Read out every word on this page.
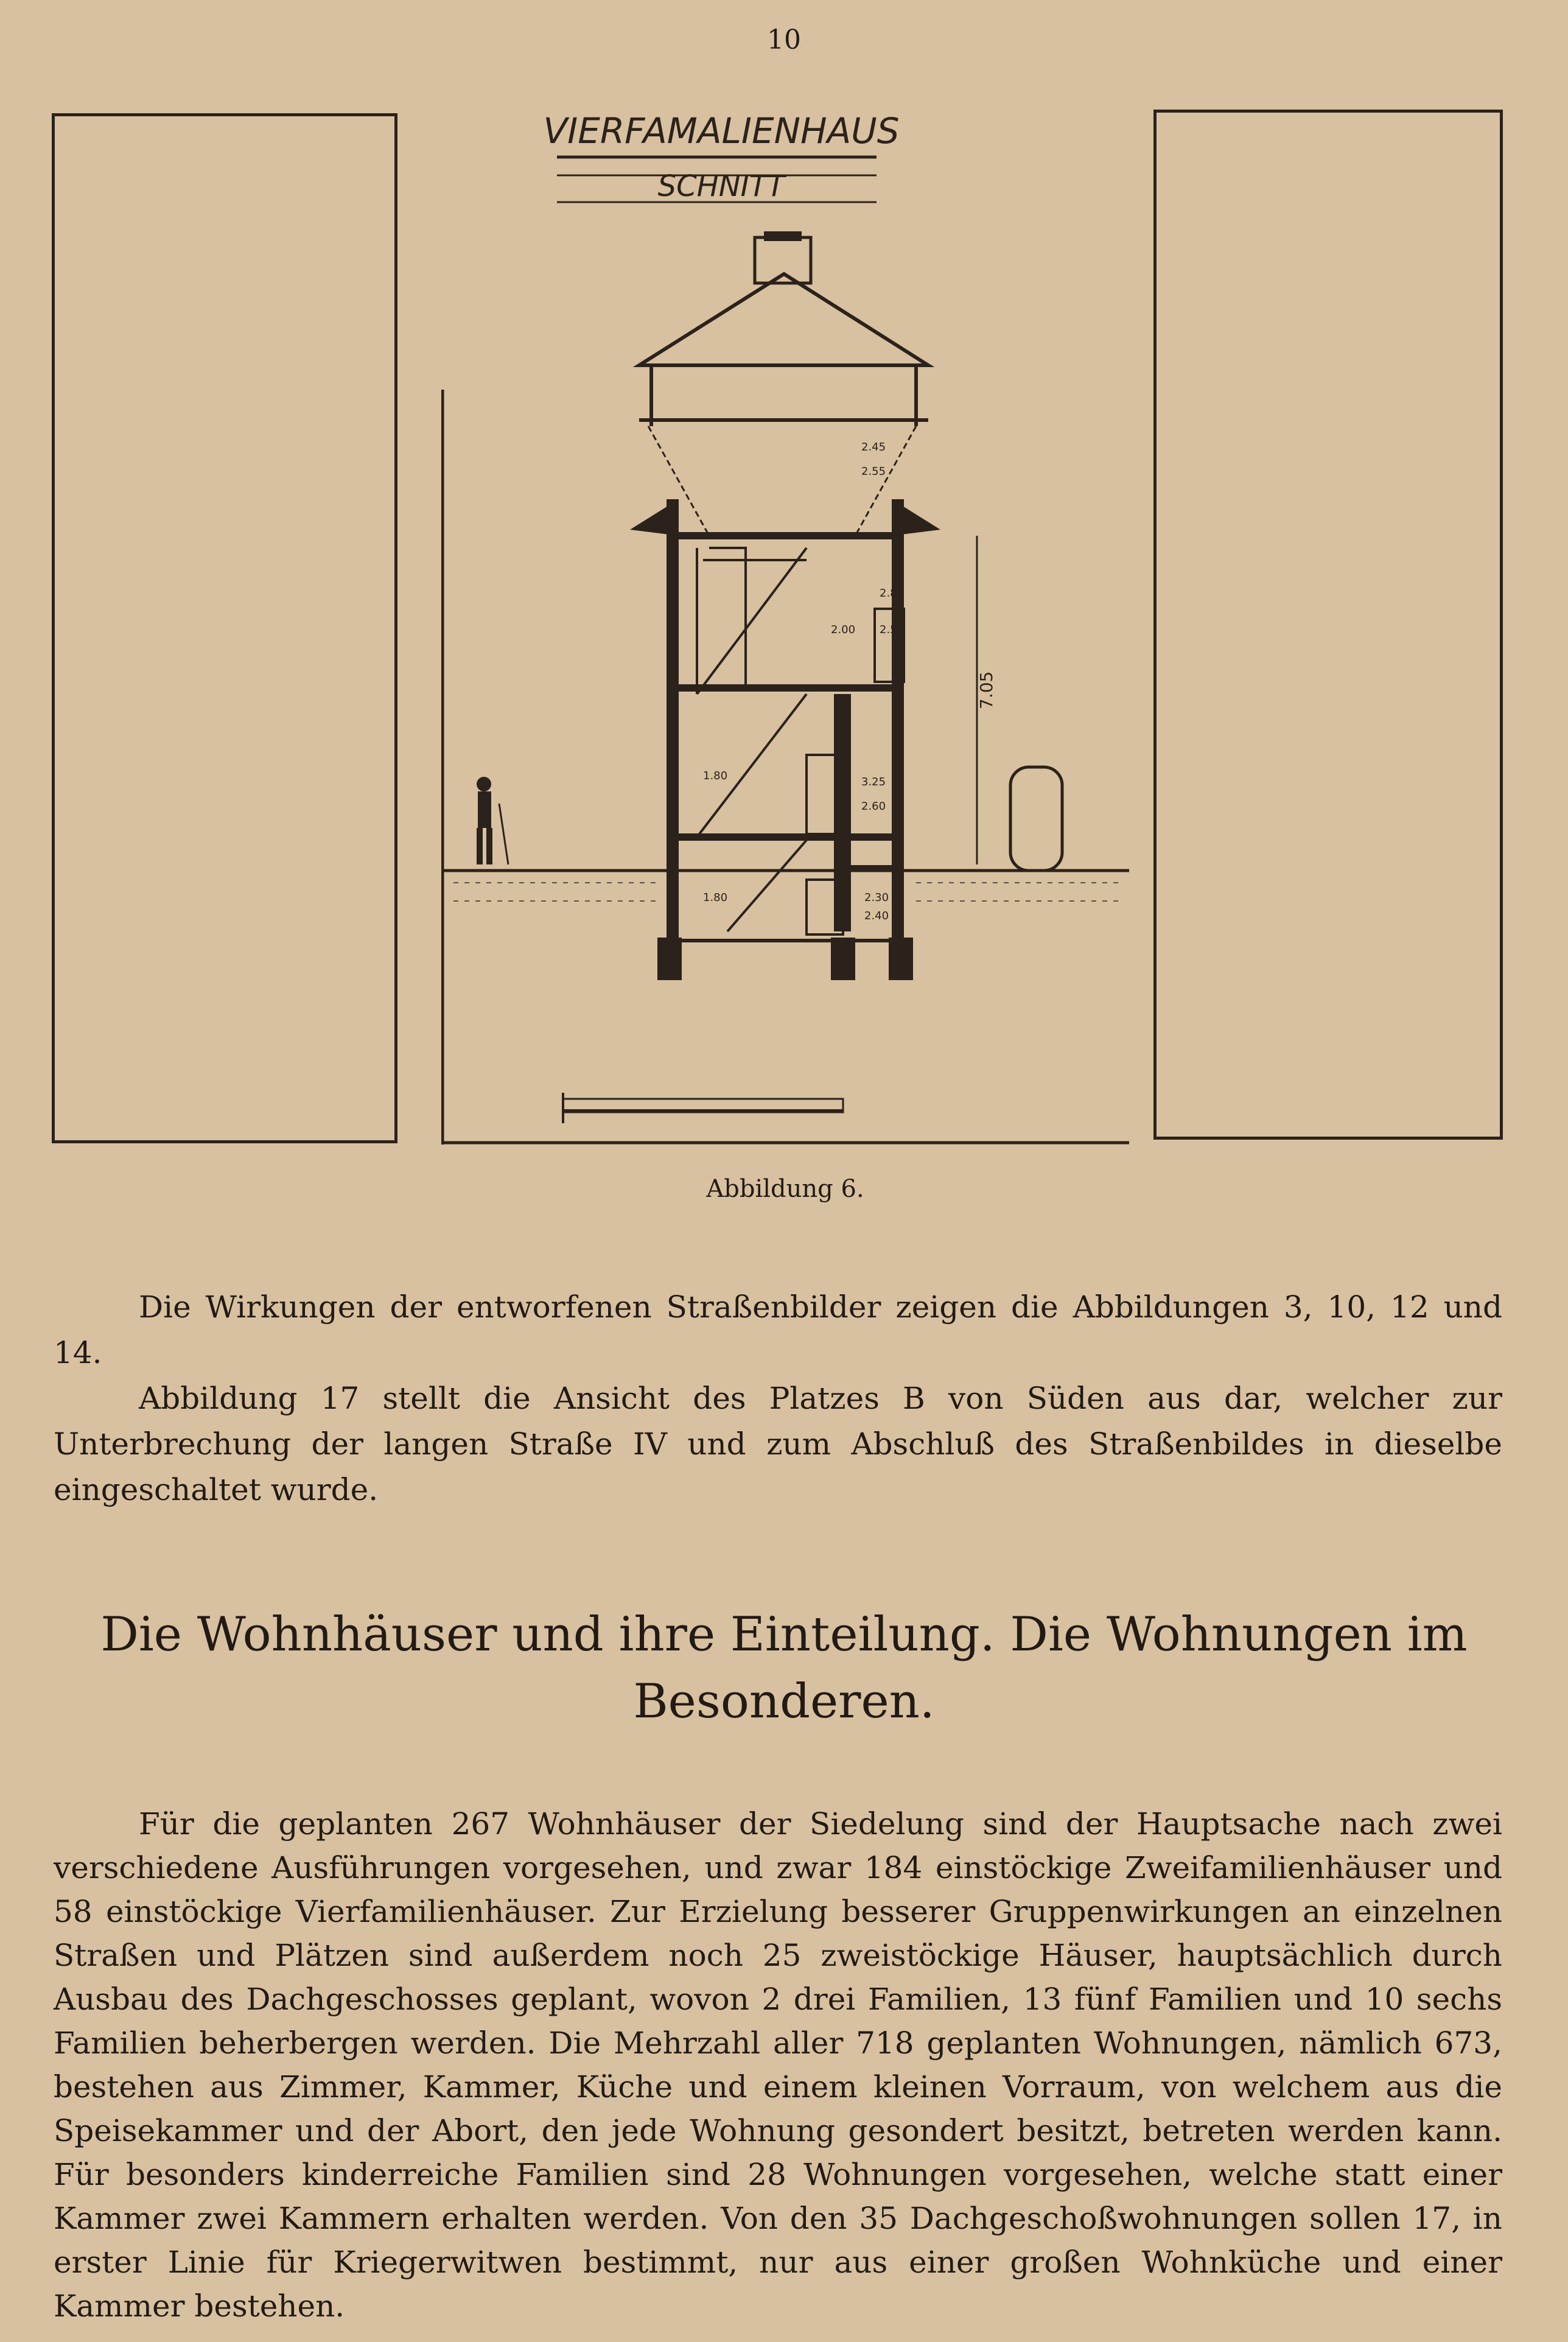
10
VIERFAMALIENHAUS
SCHNITT
7.05
2.45
2.55
2.00
2.80
2.50
3.25
2.60
1.80
2.30
2.40
1.80
Abbildung 6.

Die Wirkungen der entworfenen Straßenbilder zeigen die Abbildungen 3, 10, 12 und 14.

Abbildung 17 stellt die Ansicht des Platzes B von Süden aus dar, welcher zur Unterbrechung der langen Straße IV und zum Abschluß des Straßenbildes in dieselbe eingeschaltet wurde.

Die Wohnhäuser und ihre Einteilung. Die Wohnungen im Besonderen.

Für die geplanten 267 Wohnhäuser der Siedelung sind der Hauptsache nach zwei verschiedene Ausführungen vorgesehen, und zwar 184 einstöckige Zweifamilienhäuser und 58 einstöckige Vierfamilienhäuser. Zur Erzielung besserer Gruppenwirkungen an einzelnen Straßen und Plätzen sind außerdem noch 25 zweistöckige Häuser, hauptsächlich durch Ausbau des Dachgeschosses geplant, wovon 2 drei Familien, 13 fünf Familien und 10 sechs Familien beherbergen werden. Die Mehrzahl aller 718 geplanten Wohnungen, nämlich 673, bestehen aus Zimmer, Kammer, Küche und einem kleinen Vorraum, von welchem aus die Speisekammer und der Abort, den jede Wohnung gesondert besitzt, betreten werden kann. Für besonders kinderreiche Familien sind 28 Wohnungen vorgesehen, welche statt einer Kammer zwei Kammern erhalten werden. Von den 35 Dachgeschoßwohnungen sollen 17, in erster Linie für Kriegerwitwen bestimmt, nur aus einer großen Wohnküche und einer Kammer bestehen.
